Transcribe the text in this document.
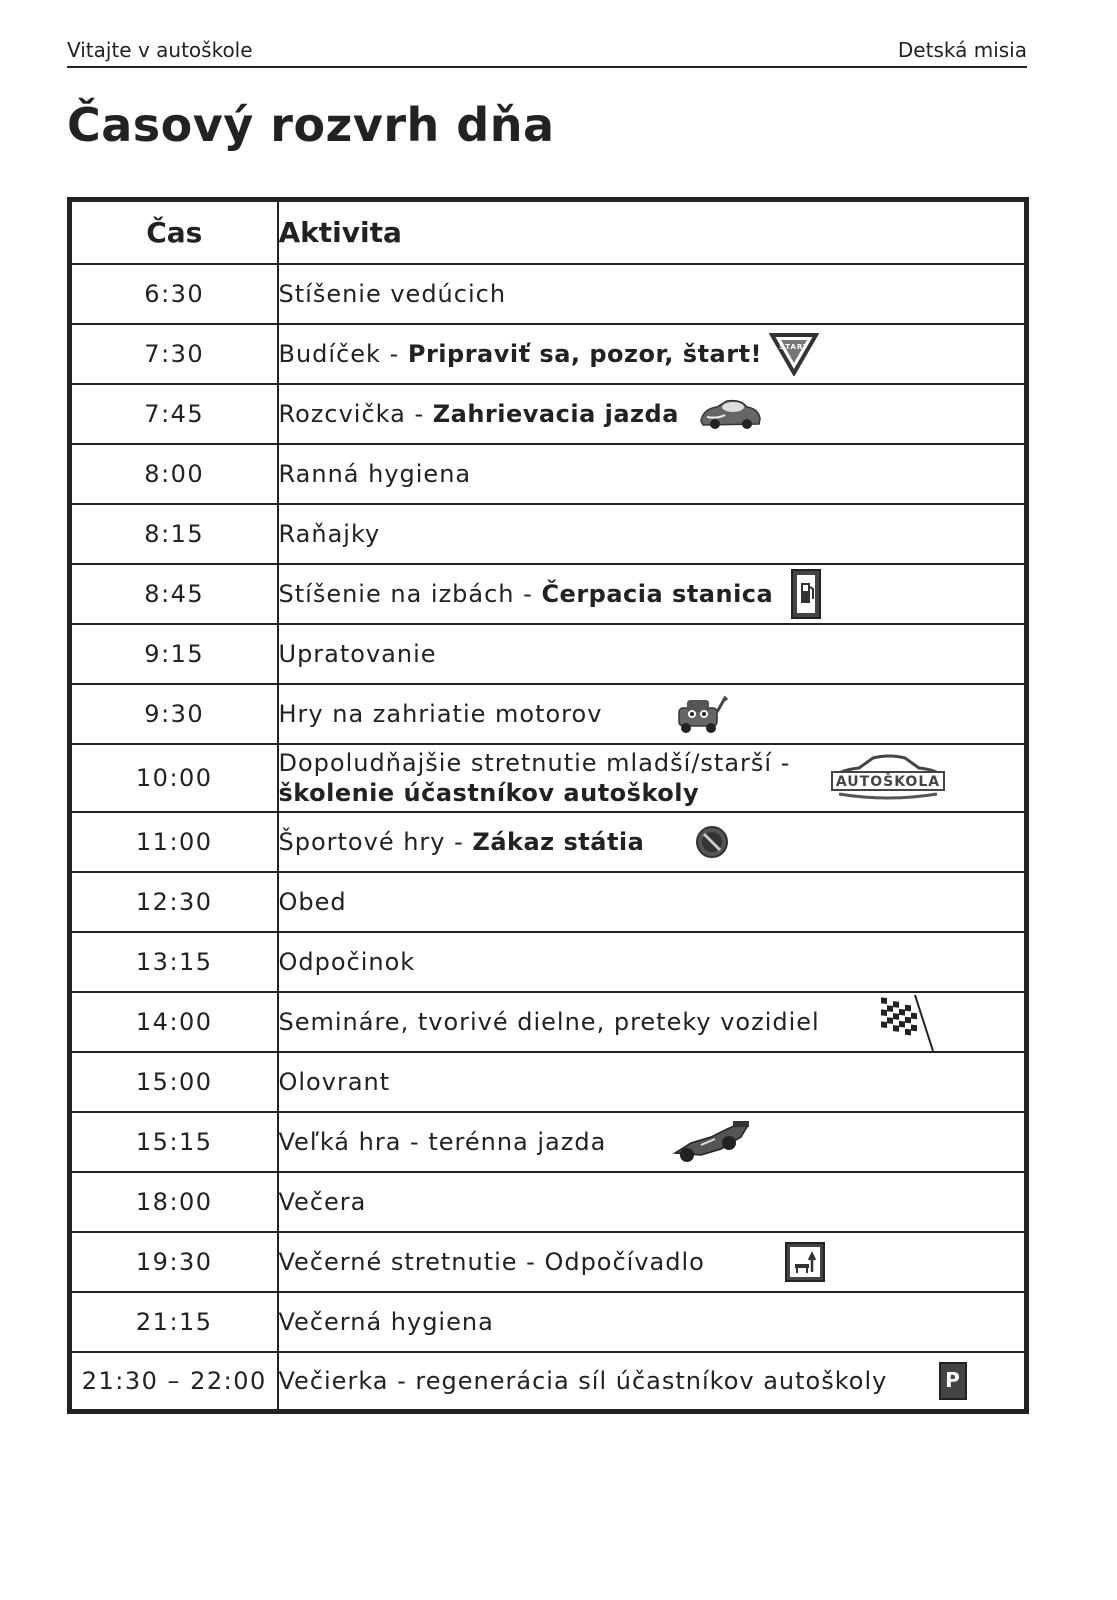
Vitajte v autoškole	Detská misia
Časový rozvrh dňa
Čas	Aktivita
6:30	Stíšenie vedúcich
7:30	Budíček - Pripraviť sa, pozor, štart! ŠTART

7:45	Rozcvička - Zahrievacia jazda

8:00	Ranná hygiena
8:15	Raňajky
8:45	Stíšenie na izbách - Čerpacia stanica

9:15	Upratovanie
9:30	Hry na zahriatie motorov

10:00	Dopoludňajšie stretnutie mladší/starší -
školenie účastníkov autoškoly AUTOŠKOLA

11:00	Športové hry - Zákaz státia

12:30	Obed
13:15	Odpočinok
14:00	Semináre, tvorivé dielne, preteky vozidiel

15:00	Olovrant
15:15	Veľká hra - terénna jazda

18:00	Večera
19:30	Večerné stretnutie - Odpočívadlo

21:15	Večerná hygiena
21:30 – 22:00	Večierka - regenerácia síl účastníkov autoškoly P
